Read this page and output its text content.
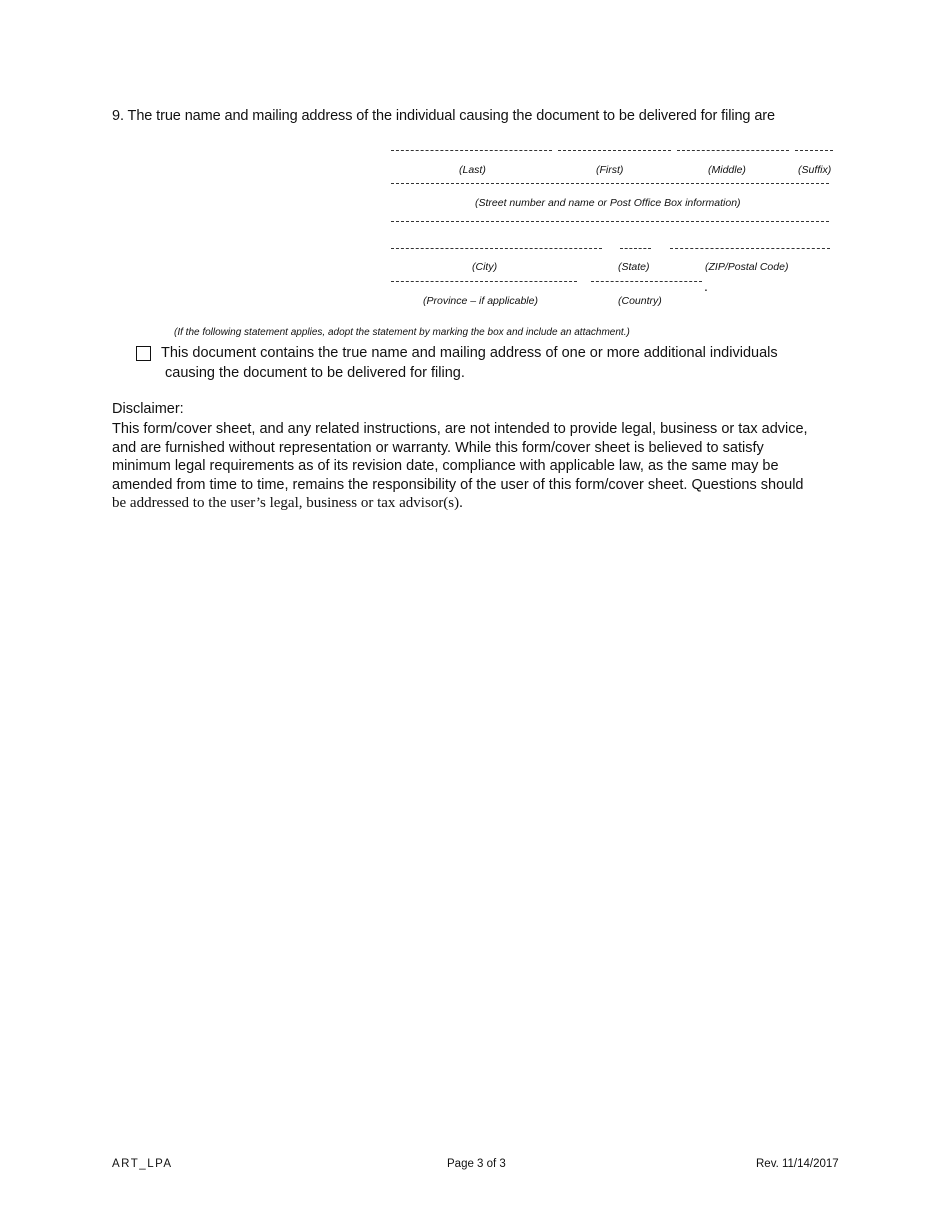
9. The true name and mailing address of the individual causing the document to be delivered for filing are
(Last)	(First)	(Middle)	(Suffix)
(Street number and name or Post Office Box information)
(City)	(State)	(ZIP/Postal Code)
.
(Province – if applicable)	(Country)
(If the following statement applies, adopt the statement by marking the box and include an attachment.)
This document contains the true name and mailing address of one or more additional individuals
causing the document to be delivered for filing.
Disclaimer:
This form/cover sheet, and any related instructions, are not intended to provide legal, business or tax advice,
and are furnished without representation or warranty. While this form/cover sheet is believed to satisfy
minimum legal requirements as of its revision date, compliance with applicable law, as the same may be
amended from time to time, remains the responsibility of the user of this form/cover sheet. Questions should
be addressed to the user’s legal, business or tax advisor(s).
ART_LPA	Page 3 of 3	Rev. 11/14/2017
